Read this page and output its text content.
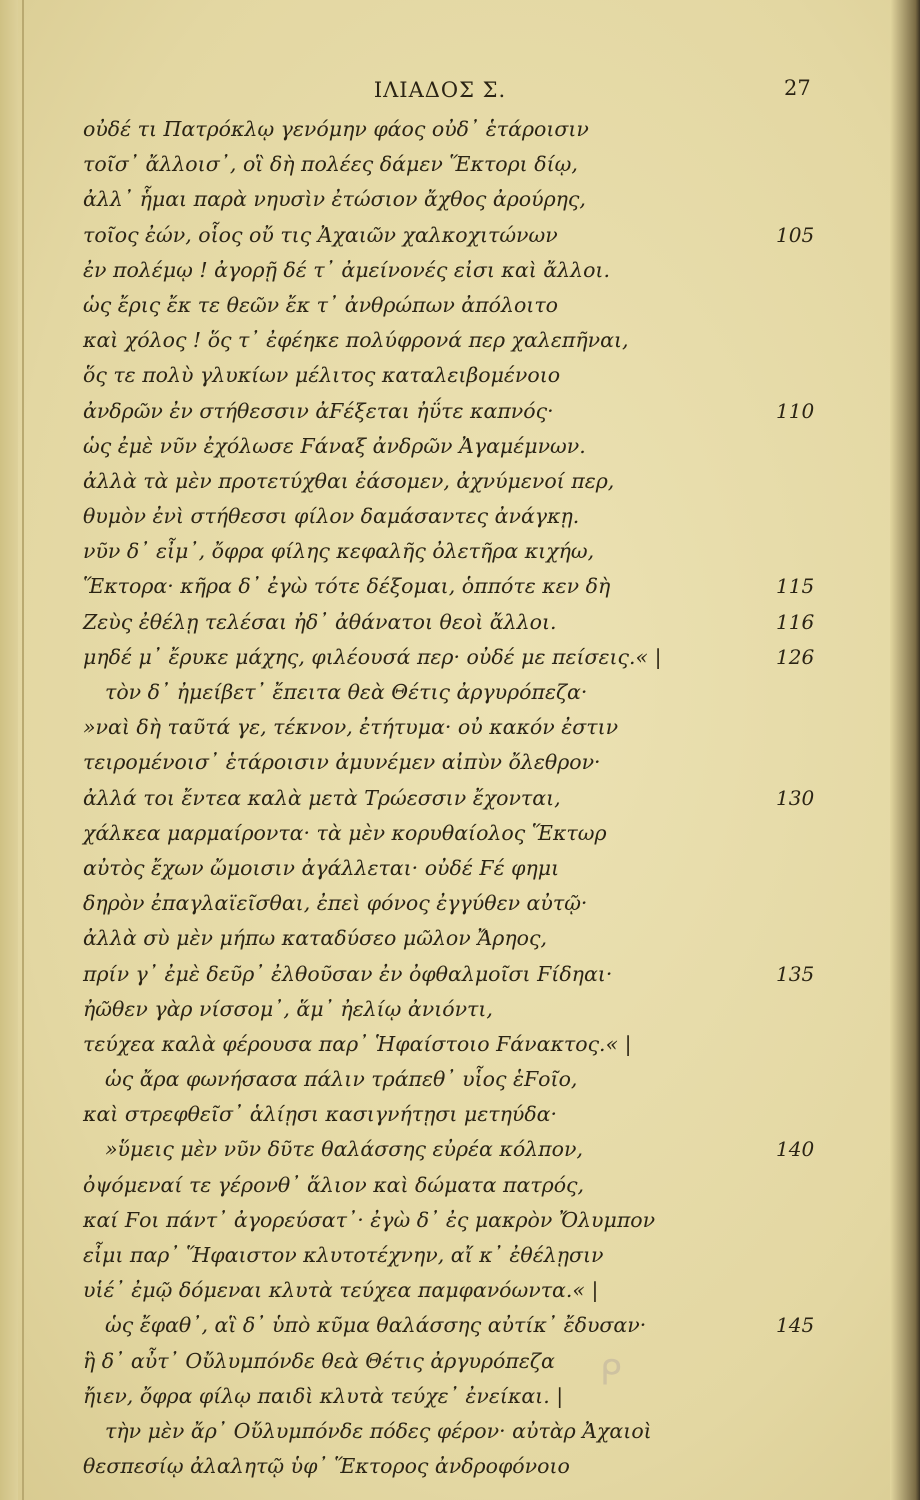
ΙΛΙΑΔΟΣ Σ.	27
οὐδέ τι Πατρόκλῳ γενόμην φάος οὐδ᾽ ἑτάροισιν
τοῖσ᾽ ἄλλοισ᾽, οἳ δὴ πολέες δάμεν Ἕκτορι δίῳ,
ἀλλ᾽ ἧμαι παρὰ νηυσὶν ἐτώσιον ἄχθος ἀρούρης,
τοῖος ἐών, οἷος οὔ τις Ἀχαιῶν χαλκοχιτώνων	105
ἐν πολέμῳ ! ἀγορῇ δέ τ᾽ ἀμείνονές εἰσι καὶ ἄλλοι.
ὡς ἔρις ἔκ τε θεῶν ἔκ τ᾽ ἀνθρώπων ἀπόλοιτο
καὶ χόλος ! ὅς τ᾽ ἐφέηκε πολύφρονά περ χαλεπῆναι,
ὅς τε πολὺ γλυκίων μέλιτος καταλειβομένοιο
ἀνδρῶν ἐν στήθεσσιν ἀϜέξεται ἠΰτε καπνός·	110
ὡς ἐμὲ νῦν ἐχόλωσε Ϝάναξ ἀνδρῶν Ἀγαμέμνων.
ἀλλὰ τὰ μὲν προτετύχθαι ἐάσομεν, ἀχνύμενοί περ,
θυμὸν ἐνὶ στήθεσσι φίλον δαμάσαντες ἀνάγκῃ.
νῦν δ᾽ εἶμ᾽, ὄφρα φίλης κεφαλῆς ὀλετῆρα κιχήω,
Ἕκτορα· κῆρα δ᾽ ἐγὼ τότε δέξομαι, ὁππότε κεν δὴ	115
Ζεὺς ἐθέλῃ τελέσαι ἠδ᾽ ἀθάνατοι θεοὶ ἄλλοι.	116
μηδέ μ᾽ ἔρυκε μάχης, φιλέουσά περ· οὐδέ με πείσεις.« |	126
τὸν δ᾽ ἠμείβετ᾽ ἔπειτα θεὰ Θέτις ἀργυρόπεζα·
»ναὶ δὴ ταῦτά γε, τέκνον, ἐτήτυμα· οὐ κακόν ἐστιν
τειρομένοισ᾽ ἑτάροισιν ἀμυνέμεν αἰπὺν ὄλεθρον·
ἀλλά τοι ἔντεα καλὰ μετὰ Τρώεσσιν ἔχονται,	130
χάλκεα μαρμαίροντα· τὰ μὲν κορυθαίολος Ἕκτωρ
αὐτὸς ἔχων ὤμοισιν ἀγάλλεται· οὐδέ Ϝέ φημι
δηρὸν ἐπαγλαϊεῖσθαι, ἐπεὶ φόνος ἐγγύθεν αὐτῷ·
ἀλλὰ σὺ μὲν μήπω καταδύσεο μῶλον Ἄρηος,
πρίν γ᾽ ἐμὲ δεῦρ᾽ ἐλθοῦσαν ἐν ὀφθαλμοῖσι Ϝίδηαι·	135
ἠῶθεν γὰρ νίσσομ᾽, ἅμ᾽ ἠελίῳ ἀνιόντι,
τεύχεα καλὰ φέρουσα παρ᾽ Ἡφαίστοιο Ϝάνακτος.« |
ὡς ἄρα φωνήσασα πάλιν τράπεθ᾽ υἷος ἑϜοῖο,
καὶ στρεφθεῖσ᾽ ἁλίῃσι κασιγνήτῃσι μετηύδα·
»ὕμεις μὲν νῦν δῦτε θαλάσσης εὐρέα κόλπον,	140
ὀψόμεναί τε γέρονθ᾽ ἅλιον καὶ δώματα πατρός,
καί Ϝοι πάντ᾽ ἀγορεύσατ᾽· ἐγὼ δ᾽ ἐς μακρὸν Ὄλυμπον
εἶμι παρ᾽ Ἥφαιστον κλυτοτέχνην, αἴ κ᾽ ἐθέλῃσιν
υἱέ᾽ ἐμῷ δόμεναι κλυτὰ τεύχεα παμφανόωντα.« |
ὡς ἔφαθ᾽, αἳ δ᾽ ὑπὸ κῦμα θαλάσσης αὐτίκ᾽ ἔδυσαν·	145
ἣ δ᾽ αὖτ᾽ Οὔλυμπόνδε θεὰ Θέτις ἀργυρόπεζα
ἤιεν, ὄφρα φίλῳ παιδὶ κλυτὰ τεύχε᾽ ἐνείκαι. |
τὴν μὲν ἄρ᾽ Οὔλυμπόνδε πόδες φέρον· αὐτὰρ Ἀχαιοὶ
θεσπεσίῳ ἀλαλητῷ ὑφ᾽ Ἕκτορος ἀνδροφόνοιο
ᑭ
